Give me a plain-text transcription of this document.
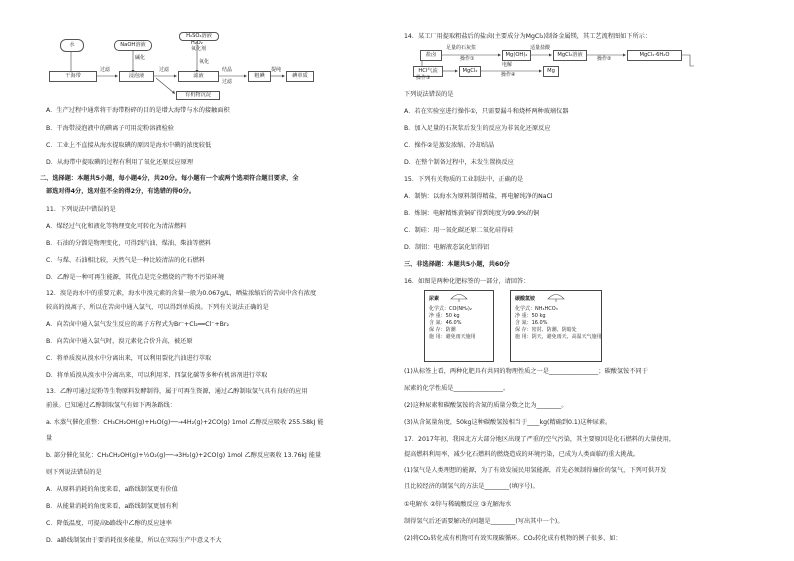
水	NaOH溶液
H₂SO₄溶液
H₂O₂
氧化剂
干海带	浸泡液	滤液	粗碘	碘单质
有机物沉淀
过滤
碱化
过滤
氧化
结晶
过滤
提纯
A．生产过程中通常将干海带粉碎的目的是增大海带与水的接触面积
B．干海带浸泡液中的碘离子可用淀粉溶液检验
C．工业上不直接从海水提取碘的原因是海水中碘的浓度较低
D．从海带中提取碘的过程有利用了氧化还原反应原理
二、选择题：本题共5小题，每小题4分，共20分。每小题有一个或两个选项符合题目要求，全
部选对得4分，选对但不全的得2分，有选错的得0分。
11．下列说法中错误的是
A．煤经过气化和液化等物理变化可转化为清洁燃料
B．石油的分馏是物理变化，可得到汽油、煤油、柴油等燃料
C．与煤、石油相比较，天然气是一种比较清洁的化石燃料
D．乙醇是一种可再生能源，其优点是完全燃烧的产物不污染环境
12．溴是海水中的重要元素，海水中溴元素的含量一般为0.067g/L，晒盐浓缩后的苦卤中含有浓度
较高的溴离子，所以在苦卤中通入氯气，可以得到单质溴。下列有关说法正确的是
A．向苦卤中通入氯气发生反应的离子方程式为Br⁻+Cl₂══Cl⁻+Br₂
B．向苦卤中通入氯气时，溴元素化合价升高，被还原
C．将单质溴从溴水中分离出来，可以利用裂化汽油进行萃取
D．将单质溴从溴水中分离出来，可以利用苯、四氯化碳等多种有机溶剂进行萃取
13．乙醇可通过淀粉等生物原料发酵制得，属于可再生资源，通过乙醇制取氢气具有良好的应用
前景。已知通过乙醇制取氢气有如下两条路线：
a. 水蒸气催化重整：CH₃CH₂OH(g)+H₂O(g)──→4H₂(g)+2CO(g) 1mol 乙醇反应吸收 255.58kJ 能
量
b. 部分催化氧化：CH₃CH₂OH(g)+½O₂(g)──→3H₂(g)+2CO(g) 1mol 乙醇反应吸收 13.76kJ 能量
则下列说法错误的是
A．从原料消耗的角度来看，a路线制氢更有价值
B．从能量消耗的角度来看，a路线制氢更加有利
C．降低温度，可提高b路线中乙醇的反应速率
D．a路线制氢由于要消耗很多能量，所以在实际生产中意义不大
14．某工厂用提取粗盐后的盐卤(主要成分为MgCl₂)制备金属镁，其工艺流程图如下所示：
盐卤
足量的石灰浆
操作①
Mg(OH)₂
适量盐酸
MgCl₂溶液
操作②
MgCl₂·6H₂O
HCl气流
操作③
MgCl₂
电解
操作④
Mg
下列说法错误的是
A．若在实验室进行操作①，只需要漏斗和烧杯两种玻璃仪器
B．加入足量的石灰浆后发生的反应为非氧化还原反应
C．操作②是蒸发浓缩、冷却结晶
D．在整个制备过程中，未发生置换反应
15．下列有关物质的工业制法中，正确的是
A．制钠：以海水为原料制得精盐，再电解纯净的NaCl
B．炼铜：电解精炼黄铜矿得到纯度为99.9%的铜
C．制硅：用一氧化碳还原二氧化硅得硅
D．制铝：电解液态氯化铝得铝
三、非选择题：本题共5小题，共60分
16．如图是两种化肥标签的一部分，请回答：
尿素
化学式：CO(NH₂)₂
净 重：50 kg
含 氮：46.0%
保 存：防潮
施 用：避免雨天施用
碳酸氢铵
化学式：NH₄HCO₃
净 重：50 kg
含 氮：16.0%
保 存：密封、防潮、阴暗处
施 用：阴天，避免雨天、高温天气施用
(1)从标签上看，两种化肥具有共同的物理性质之一是________________；碳酸氢铵不同于
尿素的化学性质是________________。
(2)这种尿素和碳酸氢铵的含氮的质量分数之比为________。
(3)从含氮量角度，50kg这种碳酸氢铵相当于____kg(精确到0.1)这种尿素。
17．2017年初，我国北方大部分地区出现了严重的空气污染，其主要原因是化石燃料的大量使用，
提高燃料利用率，减少化石燃料的燃烧造成的环境污染，已成为人类面临的重大挑战。
(1)氢气是人类理想的能源，为了有效发展民用氢能源，首先必须制得廉价的氢气，下列可供开发
且比较经济的制氢气的方法是________(填序号)。
①电解水 ②锌与稀硫酸反应 ③光解海水
制得氢气后还需要解决的问题是________(写出其中一个)。
(2)将CO₂转化成有机物可有效实现碳循环。CO₂转化成有机物的例子很多，如：
